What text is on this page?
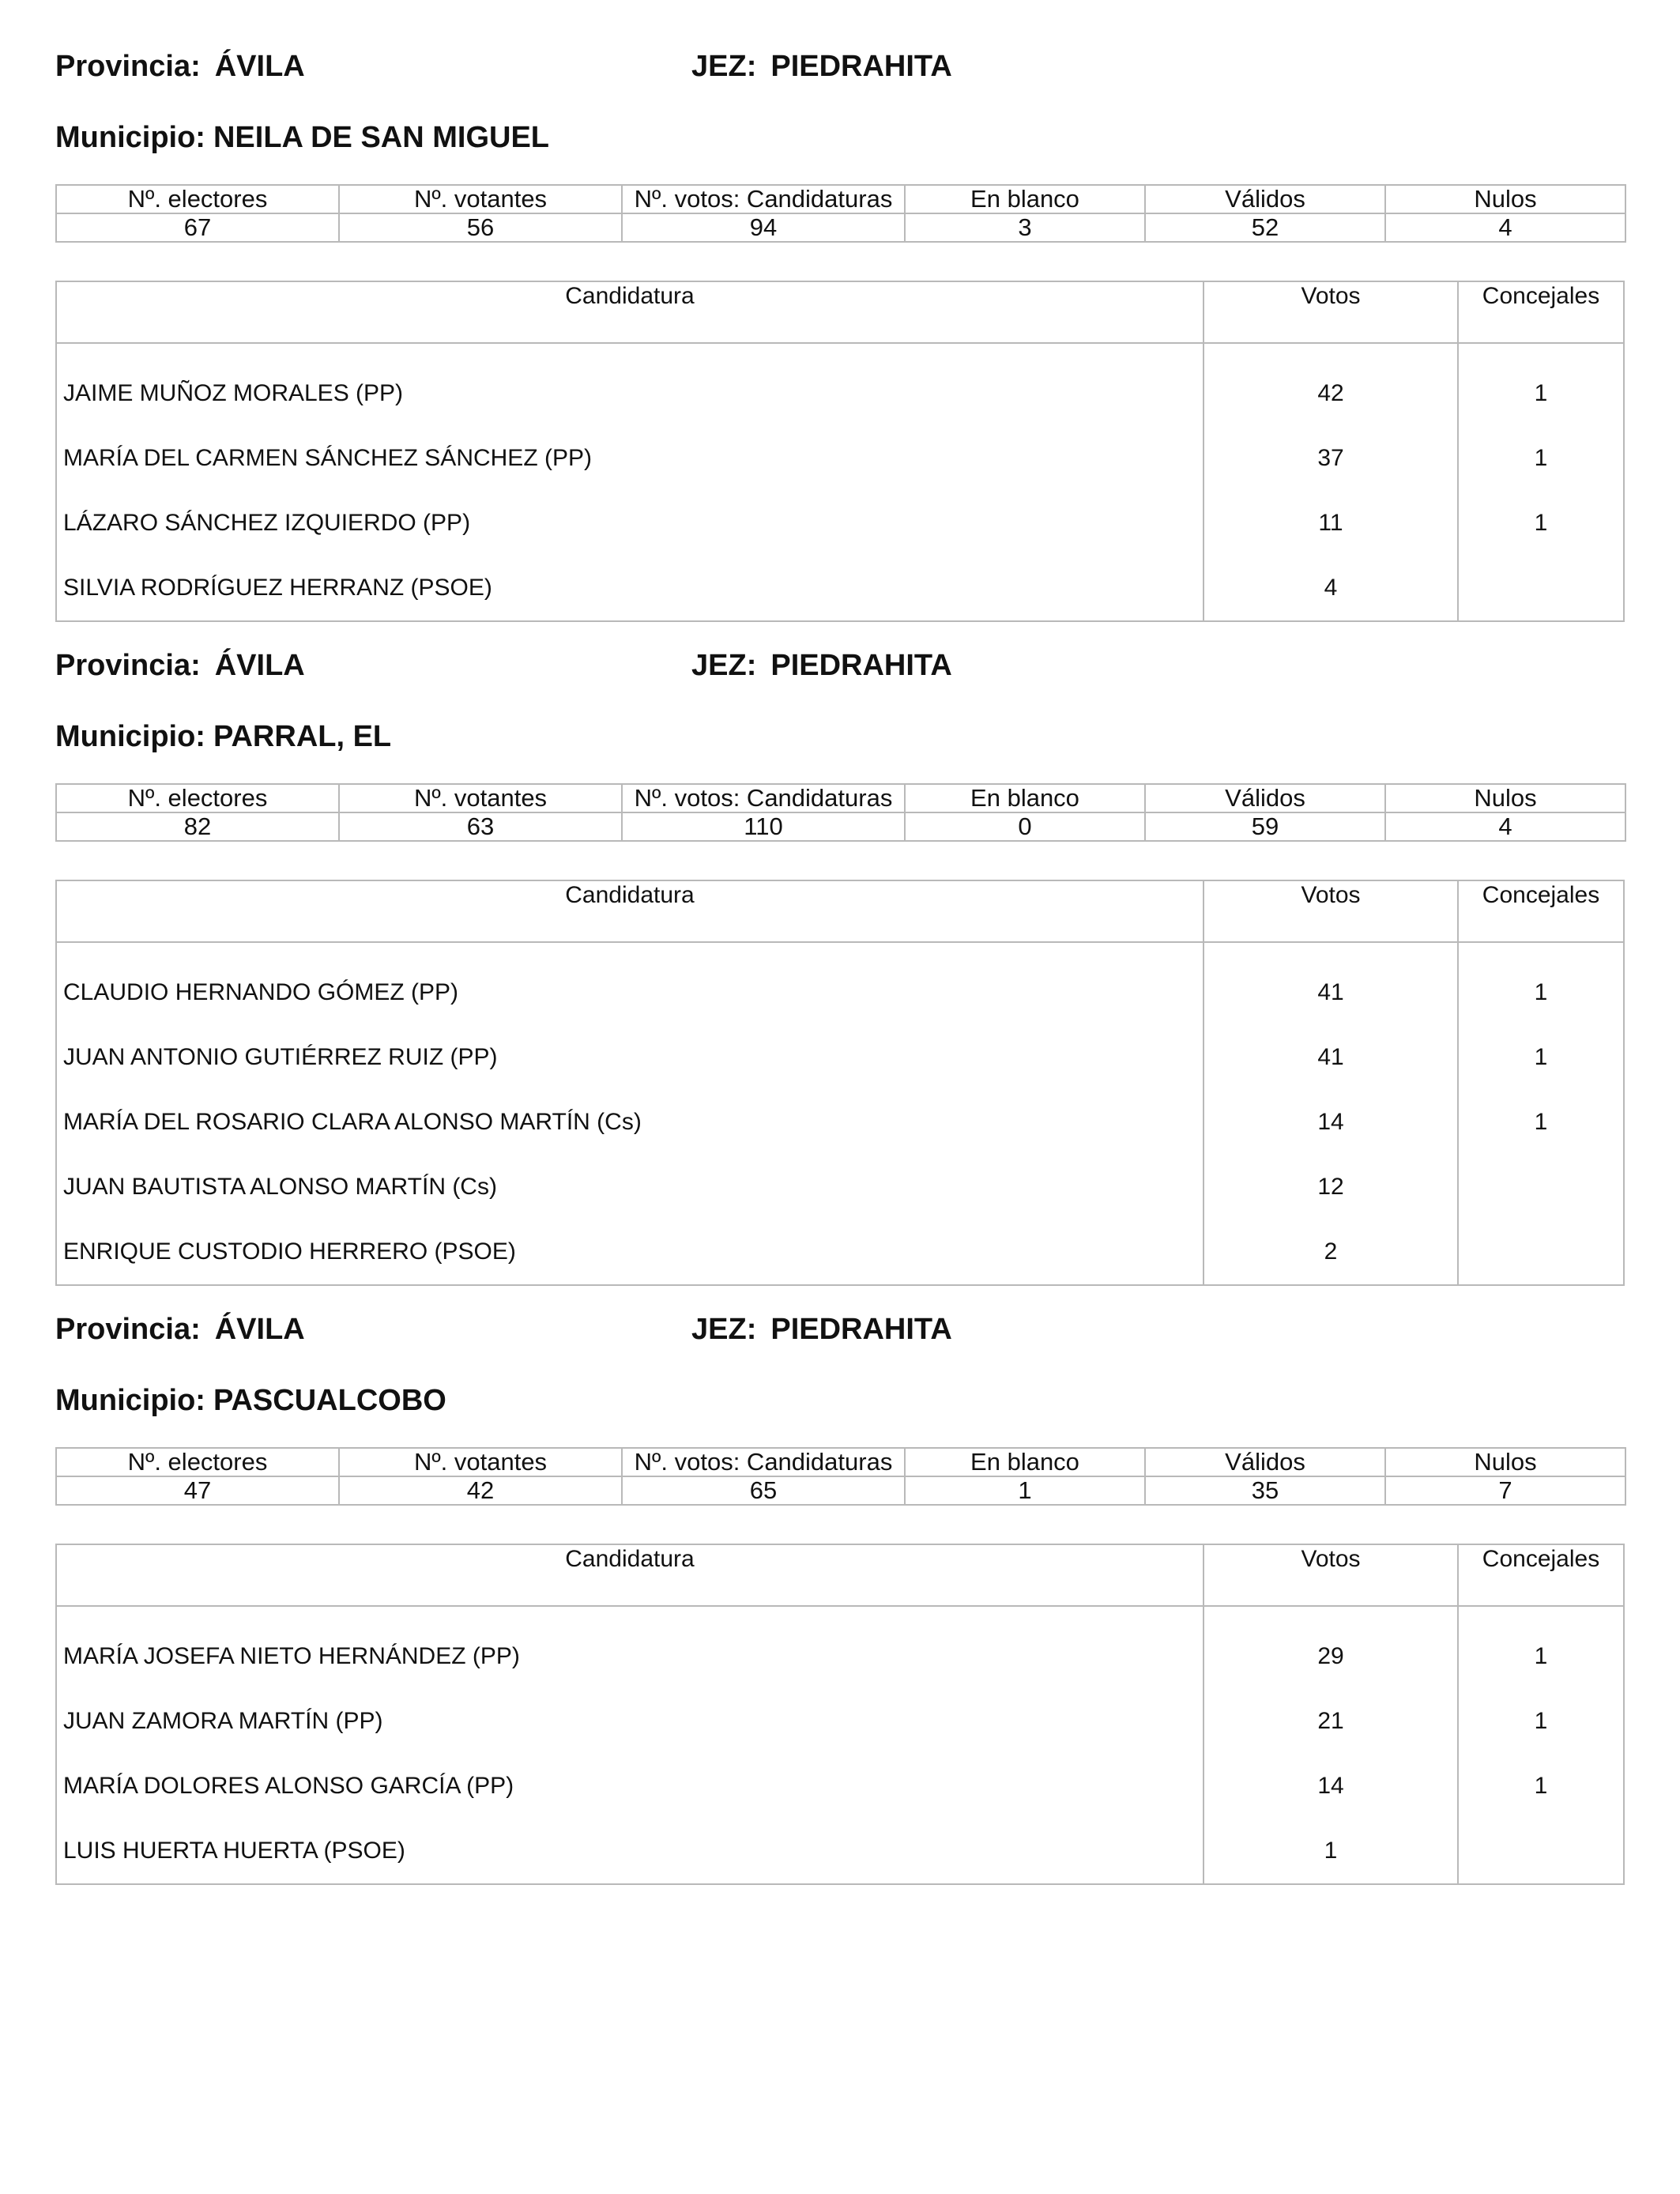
Provincia: ÁVILA	JEZ: PIEDRAHITA
Municipio: NEILA DE SAN MIGUEL
Nº. electores	Nº. votantes	Nº. votos: Candidaturas	En blanco	Válidos	Nulos
67	56	94	3	52	4
Candidatura	Votos	Concejales
JAIME MUÑOZ MORALES (PP)	42	1
MARÍA DEL CARMEN SÁNCHEZ SÁNCHEZ (PP)	37	1
LÁZARO SÁNCHEZ IZQUIERDO (PP)	11	1
SILVIA RODRÍGUEZ HERRANZ (PSOE)	4
Provincia: ÁVILA	JEZ: PIEDRAHITA
Municipio: PARRAL, EL
Nº. electores	Nº. votantes	Nº. votos: Candidaturas	En blanco	Válidos	Nulos
82	63	110	0	59	4
Candidatura	Votos	Concejales
CLAUDIO HERNANDO GÓMEZ (PP)	41	1
JUAN ANTONIO GUTIÉRREZ RUIZ (PP)	41	1
MARÍA DEL ROSARIO CLARA ALONSO MARTÍN (Cs)	14	1
JUAN BAUTISTA ALONSO MARTÍN (Cs)	12
ENRIQUE CUSTODIO HERRERO (PSOE)	2
Provincia: ÁVILA	JEZ: PIEDRAHITA
Municipio: PASCUALCOBO
Nº. electores	Nº. votantes	Nº. votos: Candidaturas	En blanco	Válidos	Nulos
47	42	65	1	35	7
Candidatura	Votos	Concejales
MARÍA JOSEFA NIETO HERNÁNDEZ (PP)	29	1
JUAN ZAMORA MARTÍN (PP)	21	1
MARÍA DOLORES ALONSO GARCÍA (PP)	14	1
LUIS HUERTA HUERTA (PSOE)	1
